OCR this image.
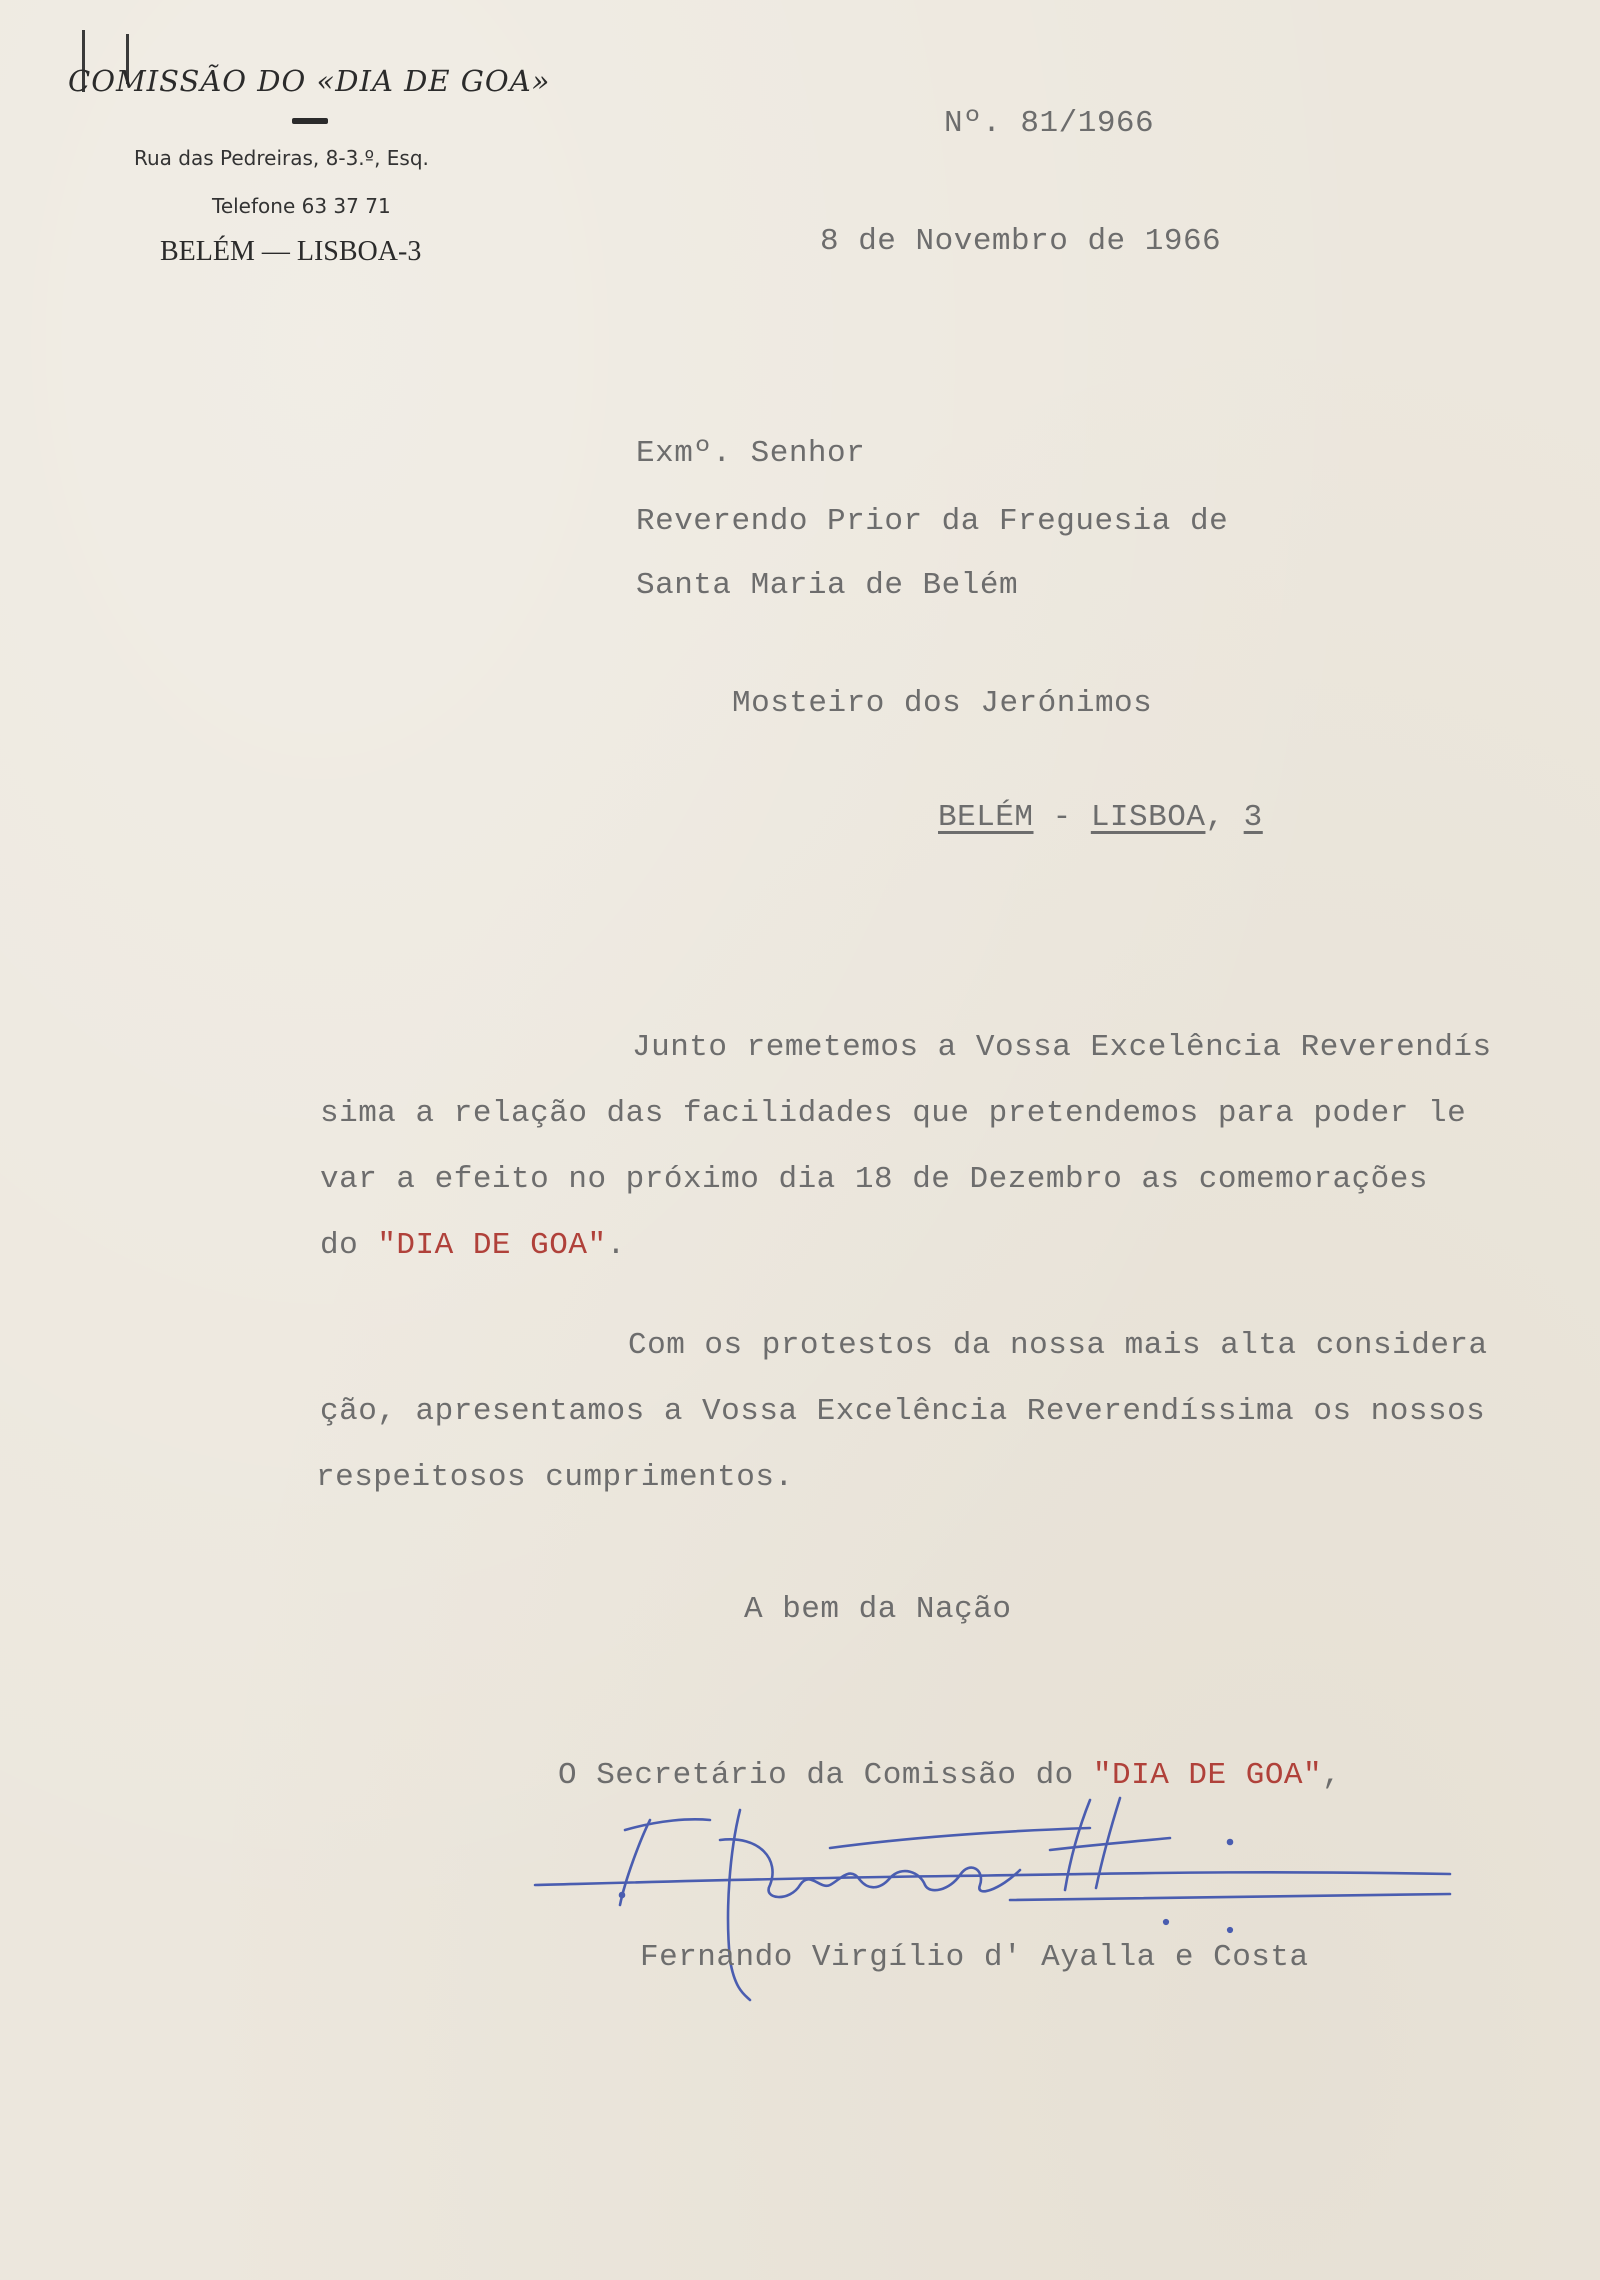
COMISSÃO DO «DIA DE GOA»
Rua das Pedreiras, 8-3.º, Esq.
Telefone 63 37 71
BELÉM — LISBOA-3
Nº. 81/1966
8 de Novembro de 1966
Exmº. Senhor
Reverendo Prior da Freguesia de
Santa Maria de Belém
Mosteiro dos Jerónimos
BELÉM - LISBOA, 3
Junto remetemos a Vossa Excelência Reverendís
sima a relação das facilidades que pretendemos para poder le
var a efeito no próximo dia 18 de Dezembro as comemorações
do "DIA DE GOA".
Com os protestos da nossa mais alta considera
ção, apresentamos a Vossa Excelência Reverendíssima os nossos
respeitosos cumprimentos.
A bem da Nação
O Secretário da Comissão do "DIA DE GOA",
Fernando Virgílio d' Ayalla e Costa
